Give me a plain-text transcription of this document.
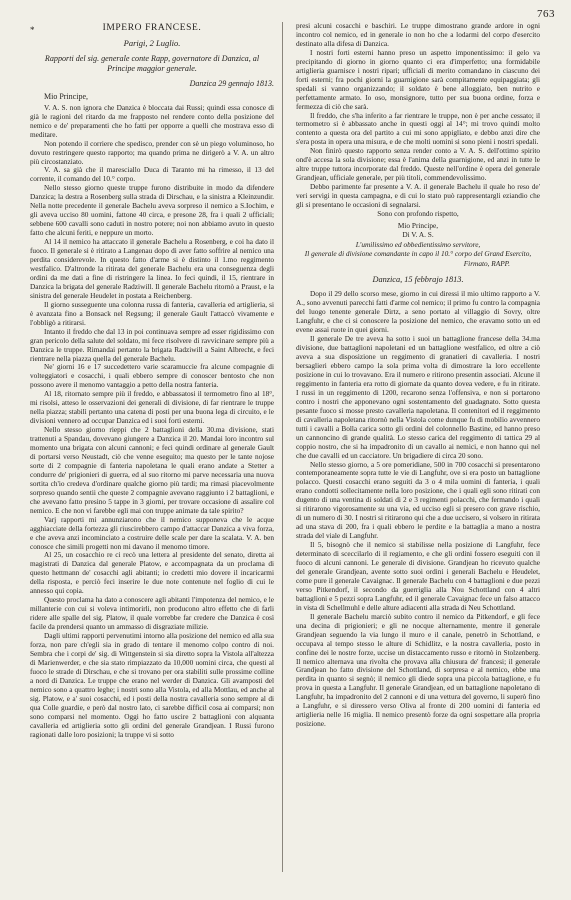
763
*	IMPERO FRANCESE.
Parigi, 2 Luglio.
Rapporti del sig. generale conte Rapp, governatore di Danzica, al Principe maggior generale.
Danzica 29 gennajo 1813.
Mio Principe,

V. A. S. non ignora che Danzica è bloccata dai Russi; quindi essa conosce di già le ragioni del ritardo da me frapposto nel rendere conto della posizione del nemico e de' preparamenti che ho fatti per opporre a quelli che mostrava esso di meditare.

Non potendo il corriere che spedisco, prender con sè un piego voluminoso, ho dovuto restringere questo rapporto; ma quando prima ne dirigerò a V. A. un altro più circostanziato.

V. A. sa già che il maresciallo Duca di Taranto mi ha rimesso, il 13 del corrente, il comando del 10.° corpo.

Nello stesso giorno queste truppe furono distribuite in modo da difendere Danzica; la destra a Rosenberg sulla strada di Dirschau, e la sinistra a Kleinzundir. Nella notte precedente il generale Bachelu aveva sorpreso il nemico a S.Iochim, e gli aveva ucciso 80 uomini, fattone 40 circa, e presone 28, fra i quali 2 ufficiali; sebbene 600 cavalli sono caduti in nostro potere; noi non abbiamo avuto in questo fatto che alcuni feriti, e neppure un morto.

Al 14 il nemico ha attaccato il generale Bachelu a Rosenberg, e coi ha dato il fuoco. Il generale si è ritirato a Langenau dopo di aver fatto soffrire al nemico una perdita considerevole. In questo fatto d'arme si è distinto il 1.mo reggimento westfalico. D'altronde la ritirata del generale Bachelu era una conseguenza degli ordini da me dati a fine di ristringere la linea. Io feci quindi, il 15, rientrare in Danzica la brigata del generale Radziwill. Il generale Bachelu ritornò a Praust, e la sinistra del generale Heudelet in postata a Reichenberg.

Il giorno susseguente una colonna russa di fanteria, cavalleria ed artiglieria, si è avanzata fino a Bonsack nel Regsung; il generale Gault l'attaccò vivamente e l'obbligò a ritirarsi.

Intanto il freddo che dal 13 in poi continuava sempre ad esser rigidissimo con gran pericolo della salute del soldato, mi fece risolvere di ravvicinare sempre più a Danzica le truppe. Rimandai pertanto la brigata Radziwill a Saint Albrecht, e feci rientrare nella piazza quella del generale Bachelu.

Ne' giorni 16 e 17 succedettero varie scaramuccie fra alcune compagnie di volteggiatori e cosacchi, i quali ebbero sempre di conoscer bentosto che non possono avere il menomo vantaggio a petto della nostra fanteria.

Al 18, ritornato sempre più il freddo, e abbassatosi il termometro fino al 18°, mi risolsi, atteso le osservazioni dei generali di divisione, di far rientrare le truppe nella piazza; stabilì pertanto una catena di posti per una buona lega di circuito, e le divisioni vennero ad occupar Danzica ed i suoi forti esterni.

Nello stesso giorno rieppi che 2 battaglioni della 30.ma divisione, stati trattenuti a Spandau, dovevano giungere a Danzica il 20. Mandai loro incontro sul momento una brigata con alcuni cannoni; e feci quindi ordinare al generale Gault di portarsi verso Neustadt, ciò che venne eseguito; ma questo per le tante nojose sorte di 2 compagnie di fanteria napoletana le quali erano andate a Stetter a condurre de' prigionieri di guerra, ed al suo ritorno mi parve necessaria una nuova sortita ch'io credeva d'ordinare qualche giorno più tardi; ma rimasi piacevolmente sorpreso quando sentii che queste 2 compagnie avevano raggiunto i 2 battaglioni, e che avevano fatto presino 5 tappe in 3 giorni, per trovare occasione di assalire col nemico. E che non vi farebbe egli mai con truppe animate da tale spirito?

Varj rapporti mi annunziarono che il nemico supponeva che le acque agghiacciate della fortezza gli riuscirebbero campo d'attaccar Danzica a viva forza, e che aveva anzi incominciato a costruire delle scale per dare la scalata. V. A. ben conosce che simili progetti non mi davano il menomo timore.

Al 25, un cosacchio re ci recò una lettera al presidente del senato, diretta ai magistrati di Danzica dal generale Platow, e accompagnata da un proclama di questo hettmann de' cosacchi agli abitanti; io credetti mio dovere il incaricarmi della risposta, e perciò feci inserire le due note contenute nel foglio di cui le annesso qui copia.

Questo proclama ha dato a conoscere agli abitanti l'impotenza del nemico, e le millanterie con cui si voleva intimorirli, non producono altro effetto che di farli ridere alle spalle del sig. Platow, il quale vorrebbe far credere che Danzica è così facile da prendersi quanto un ammasso di disgraziate milizie.

Dagli ultimi rapporti pervenutimi intorno alla posizione del nemico ed alla sua forza, non pare ch'egli sia in grado di tentare il menomo colpo contro di noi. Sembra che i corpi de' sig. di Wittgenstein si sia diretto sopra la Vistola all'altezza di Marienwerder, e che sia stato rimpiazzato da 10,000 uomini circa, che questi al fuoco le strade di Dirschau, e che si trovano per ora stabiliti sulle prossime colline a nord di Danzica. Le truppe che erano nel werder di Danzica. Gli avamposti del nemico sono a quattro leghe; i nostri sono alla Vistola, ed alla Mottlau, ed anche al sig. Platow, e a' suoi cosacchi, ed i posti della nostra cavalleria sono sempre al di qua Colle guardie, e però dal nostro lato, ci sarebbe difficil cosa ai comparsi; non sono comparsi nel momento. Oggi ho fatto uscire 2 battaglioni con alquanta cavalleria ed artiglieria sotto gli ordini del generale Grandjean. I Russi furono ragionati dalle loro posizioni; la truppe vi si sotto

presi alcuni cosacchi e baschiri. Le truppe dimostrano grande ardore in ogni incontro col nemico, ed in generale io non ho che a lodarmi del corpo d'esercito destinato alla difesa di Danzica.

I nostri forti esterni hanno preso un aspetto imponentissimo: il gelo va precipitando di giorno in giorno quanto ci era d'imperfetto; una formidabile artiglieria guarnisce i nostri ripari; ufficiali di merito comandano in ciascuno dei forti esterni; fra pochi giorni la guarnigione sarà compitamente equipaggiata; gli spedali si vanno organizzando; il soldato è bene alloggiato, ben nutrito e perfettamente armato. Io oso, monsignore, tutto per sua buona ordine, forza e fermezza di ciò che sarà.

Il freddo, che s'ha inferito a far rientrare le truppe, non è per anche cessato; il termometro si è abbassato anche in questi oggi al 14°; mi trovo quindi molto contento a questa ora del partito a cui mi sono appigliato, e debbo anzi dire che s'era posta in opera una misura, e de che molti uomini si sono pieni i nostri spedali.

Non finirò questo rapporto senza render conto a V. A. S. dell'ottimo spirito ond'è accesa la sola divisione; essa è l'anima della guarnigione, ed anzi in tutte le altre truppe tuttora incorporate dal freddo. Queste nell'ordine è opera del generale Grandjean, ufficiale generale, per più titoli, commendevolissimo.

Debbo parimente far presente a V. A. il generale Bachelu il quale ho reso de' veri servigi in questa campagna, e di cui lo stato può rappresentargli eziandio che gli si presentano le occasioni di segnalarsi.

Sono con profondo rispetto,

Mio Principe,
Di V. A. S.
L'umilissimo ed obbedientissimo servitore,
Il generale di divisione comandante in capo il 10.° corpo del Grand Esercito,
Firmato, RAPP.
Danzica, 15 febbrajo 1813.

Dopo il 29 dello scorso mese, giorno in cui diressi il mio ultimo rapporto a V. A., sono avvenuti parecchi fatti d'arme col nemico; il primo fu contro la compagnia del luogo tenente generale Dirtz, a seno portato al villaggio di Sovry, oltre Langfuhr, e che ci si conoscere la posizione del nemico, che eravamo sotto un ed evene assai ruote in quei giorni.

Il generale De tre aveva ha sotto i suoi un battaglione francese della 34.ma divisione, due battaglioni napoletani ed un battaglione westfalico, ed oltre a ciò aveva a sua disposizione un reggimento di granatieri di cavalleria. I nostri bersaglieri ebbero campo la sola prima volta di dimostrare la loro eccellente posizione in cui lo trovavano. Era il numero e ritirono presentin associati. Alcune il reggimento in fanteria era rotto di giornate da quanto dovea vedere, e fu in ritirate. I russi in un reggimento di 1200, recarono senza l'offensiva, e non si portarono contro i nostri che apponevano ogni sostentamento del guadagnato. Sotto questa pesante fuoco si mosse presto cavalleria napoletana. Il contenitori ed il reggimento di cavalleria napoletana ritornò nella Vistola come dunque fu di mobilio avvennero tutti i cavalli a Bolla carica sotto gli ordini del colonnello Bastine, ed hanno preso un cannoncino di grande qualità. Lo stesso carica del reggimento di tattica 29 al coppio nostro, che si ha impadronito di un cavallo ai nemici, e non hanno qui nel che due cavalli ed un cacciatore. Un brigadiere di circa 20 sono.

Nello stesso giorno, a 5 ore pomeridiane, 500 in 700 cosacchi si presentarono contemporaneamente sopra tutte le vie di Langfuhr, ove si era posto un battaglione polacco. Questi cosacchi erano seguiti da 3 o 4 mila uomini di fanteria, i quali erano condotti sollecitamente nella loro posizione, che i quali egli sono ritirati con dugento di una ventina di soldati di 2 e 3 regimenti polacchi, che fermando i quali si ritirarono vigorosamente su una via, ed ucciso egli si presero con grave rischio, di un numero di 30. I nostri si ritirarono qui che a due uccisero, si volsero in ritirata ad una stava di 200, fra i quali ebbero le perdite e la battaglia a mano a nostra strada del viale di Langfuhr.

Il 5, bisognò che il nemico si stabilisse nella posizione di Langfuhr, fece determinato di sceccilarlo di il regiamento, e che gli ordini fossero eseguiti con il fuoco di alcuni cannoni. Le generale di divisione. Grandjean ho ricevuto qualche del generale Grandjean, avente sotto suoi ordini i generali Bachelu e Heudelet, come pure il generale Cavaignac. Il generale Bachelu con 4 battaglioni e due pezzi verso Pitkendorf, il secondo da guerriglia alla Nou Schottland con 4 altri battaglioni e 5 pezzi sopra Langfuhr, ed il generale Cavaignac fece un falso attacco in vista di Schellmuhl e delle alture adiacenti alla strada di Neu Schottland.

Il generale Bachelu marciò subito contro il nemico da Pitkendorf, e gli fece una decina di prigionieri; e gli ne nocque alternamente, mentre il generale Grandjean seguendo la via lungo il muro e il canale, penetrò in Schottland, e occupava al tempo stesso le alture di Schidlitz, e la nostra cavalleria, posto in confine dei le nostre forze, uccise un distaccamento russo e ritornò in Stolzenberg. Il nemico alternava una rivolta che provava alla chiusura de' francesi; il generale Grandjean ho fatto divisione del Schottland, di sorpresa e al nemico, ebbe una perdita in quanto si segnò; il nemico gli diede sopra una piccola battaglione, e fu prova in questa a Langfuhr. Il generale Grandjean, ed un battaglione napoletano di Langfuhr, ha impadronito del 2 cannoni e di una vettura del governo, li superò fino a Langfuhr, e si diressero verso Oliva al fronte di 200 uomini di fanteria ed artiglieria nelle 16 miglia. Il nemico presentò forze da ogni sospettare alla propria posizione.
